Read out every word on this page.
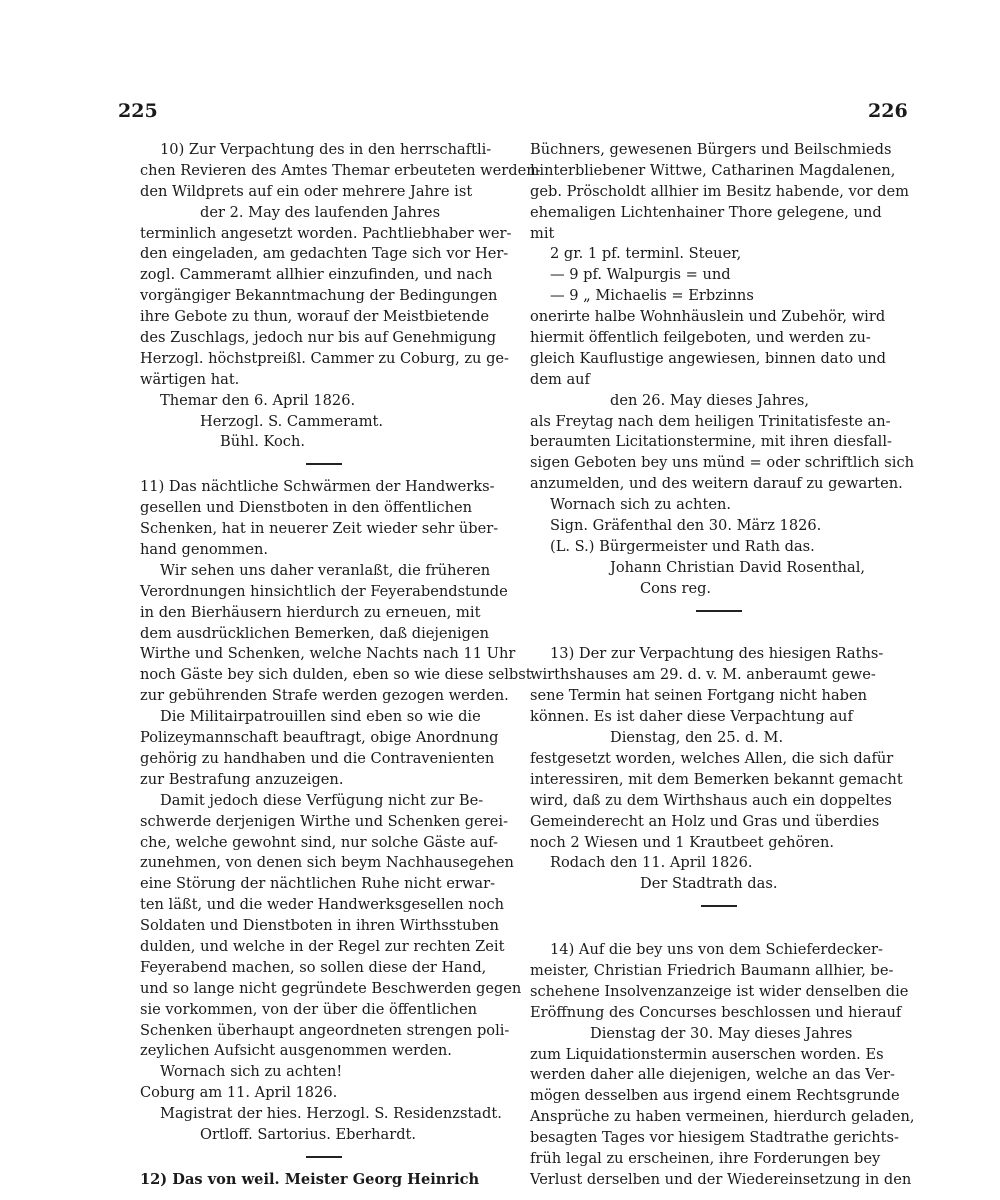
225	226
10) Zur Verpachtung des in den herrschaftli-
chen Revieren des Amtes Themar erbeuteten werden-
den Wildprets auf ein oder mehrere Jahre ist
der 2. May des laufenden Jahres
terminlich angesetzt worden. Pachtliebhaber wer-
den eingeladen, am gedachten Tage sich vor Her-
zogl. Cammeramt allhier einzufinden, und nach
vorgängiger Bekanntmachung der Bedingungen
ihre Gebote zu thun, worauf der Meistbietende
des Zuschlags, jedoch nur bis auf Genehmigung
Herzogl. höchstpreißl. Cammer zu Coburg, zu ge-
wärtigen hat.
Themar den 6. April 1826.
Herzogl. S. Cammeramt.
Bühl. Koch.
11) Das nächtliche Schwärmen der Handwerks-
gesellen und Dienstboten in den öffentlichen
Schenken, hat in neuerer Zeit wieder sehr über-
hand genommen.
Wir sehen uns daher veranlaßt, die früheren
Verordnungen hinsichtlich der Feyerabendstunde
in den Bierhäusern hierdurch zu erneuen, mit
dem ausdrücklichen Bemerken, daß diejenigen
Wirthe und Schenken, welche Nachts nach 11 Uhr
noch Gäste bey sich dulden, eben so wie diese selbst
zur gebührenden Strafe werden gezogen werden.
Die Militairpatrouillen sind eben so wie die
Polizeymannschaft beauftragt, obige Anordnung
gehörig zu handhaben und die Contravenienten
zur Bestrafung anzuzeigen.
Damit jedoch diese Verfügung nicht zur Be-
schwerde derjenigen Wirthe und Schenken gerei-
che, welche gewohnt sind, nur solche Gäste auf-
zunehmen, von denen sich beym Nachhausegehen
eine Störung der nächtlichen Ruhe nicht erwar-
ten läßt, und die weder Handwerksgesellen noch
Soldaten und Dienstboten in ihren Wirthsstuben
dulden, und welche in der Regel zur rechten Zeit
Feyerabend machen, so sollen diese der Hand,
und so lange nicht gegründete Beschwerden gegen
sie vorkommen, von der über die öffentlichen
Schenken überhaupt angeordneten strengen poli-
zeylichen Aufsicht ausgenommen werden.
Wornach sich zu achten!
Coburg am 11. April 1826.
Magistrat der hies. Herzogl. S. Residenzstadt.
Ortloff. Sartorius. Eberhardt.
12) Das von weil. Meister Georg Heinrich
Büchners, gewesenen Bürgers und Beilschmieds
hinterbliebener Wittwe, Catharinen Magdalenen,
geb. Pröscholdt allhier im Besitz habende, vor dem
ehemaligen Lichtenhainer Thore gelegene, und
mit
2 gr. 1 pf. terminl. Steuer,
— 9 pf. Walpurgis = und
— 9 „ Michaelis = Erbzinns
onerirte halbe Wohnhäuslein und Zubehör, wird
hiermit öffentlich feilgeboten, und werden zu-
gleich Kauflustige angewiesen, binnen dato und
dem auf
den 26. May dieses Jahres,
als Freytag nach dem heiligen Trinitatisfeste an-
beraumten Licitationstermine, mit ihren diesfall-
sigen Geboten bey uns münd = oder schriftlich sich
anzumelden, und des weitern darauf zu gewarten.
Wornach sich zu achten.
Sign. Gräfenthal den 30. März 1826.
(L. S.) Bürgermeister und Rath das.
Johann Christian David Rosenthal,
Cons reg.
13) Der zur Verpachtung des hiesigen Raths-
wirthshauses am 29. d. v. M. anberaumt gewe-
sene Termin hat seinen Fortgang nicht haben
können. Es ist daher diese Verpachtung auf
Dienstag, den 25. d. M.
festgesetzt worden, welches Allen, die sich dafür
interessiren, mit dem Bemerken bekannt gemacht
wird, daß zu dem Wirthshaus auch ein doppeltes
Gemeinderecht an Holz und Gras und überdies
noch 2 Wiesen und 1 Krautbeet gehören.
Rodach den 11. April 1826.
Der Stadtrath das.
14) Auf die bey uns von dem Schieferdecker-
meister, Christian Friedrich Baumann allhier, be-
schehene Insolvenzanzeige ist wider denselben die
Eröffnung des Concurses beschlossen und hierauf
Dienstag der 30. May dieses Jahres
zum Liquidationstermin auserschen worden. Es
werden daher alle diejenigen, welche an das Ver-
mögen desselben aus irgend einem Rechtsgrunde
Ansprüche zu haben vermeinen, hierdurch geladen,
besagten Tages vor hiesigem Stadtrathe gerichts-
früh legal zu erscheinen, ihre Forderungen bey
Verlust derselben und der Wiedereinsetzung in den
